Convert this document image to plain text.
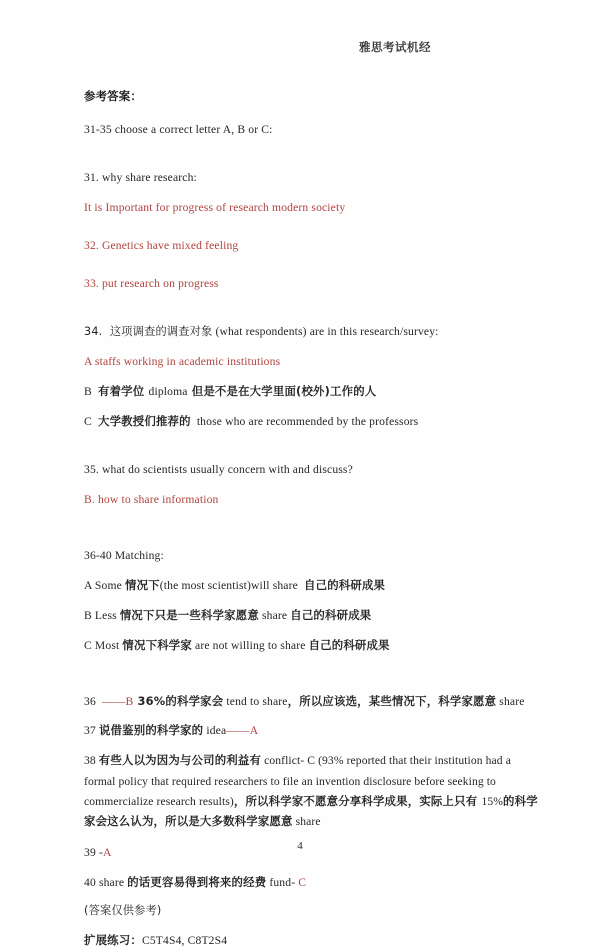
雅思考试机经
参考答案：
31-35 choose a correct letter A, B or C:
31. why share research:
It is Important for progress of research modern society
32. Genetics have mixed feeling
33. put research on progress
34.  这项调查的调查对象 (what respondents) are in this research/survey:
A staffs working in academic institutions
B  有着学位 diploma 但是不是在大学里面(校外)工作的人
C  大学教授们推荐的  those who are recommended by the professors
35. what do scientists usually concern with and discuss?
B. how to share information
36-40 Matching:
A Some 情况下(the most scientist)will share  自己的科研成果
B Less 情况下只是一些科学家愿意 share 自己的科研成果
C Most 情况下科学家 are not willing to share 自己的科研成果
36  ——B 36%的科学家会 tend to share，所以应该选，某些情况下，科学家愿意 share
37 说借鉴别的科学家的 idea——A
38 有些人以为因为与公司的利益有 conflict- C (93% reported that their institution had a formal policy that required researchers to file an invention disclosure before seeking to commercialize research results)，所以科学家不愿意分享科学成果，实际上只有 15%的科学家会这么认为，所以是大多数科学家愿意 share
39 -A
40 share 的话更容易得到将来的经费 fund- C
(答案仅供参考)
扩展练习：C5T4S4, C8T2S4
4
